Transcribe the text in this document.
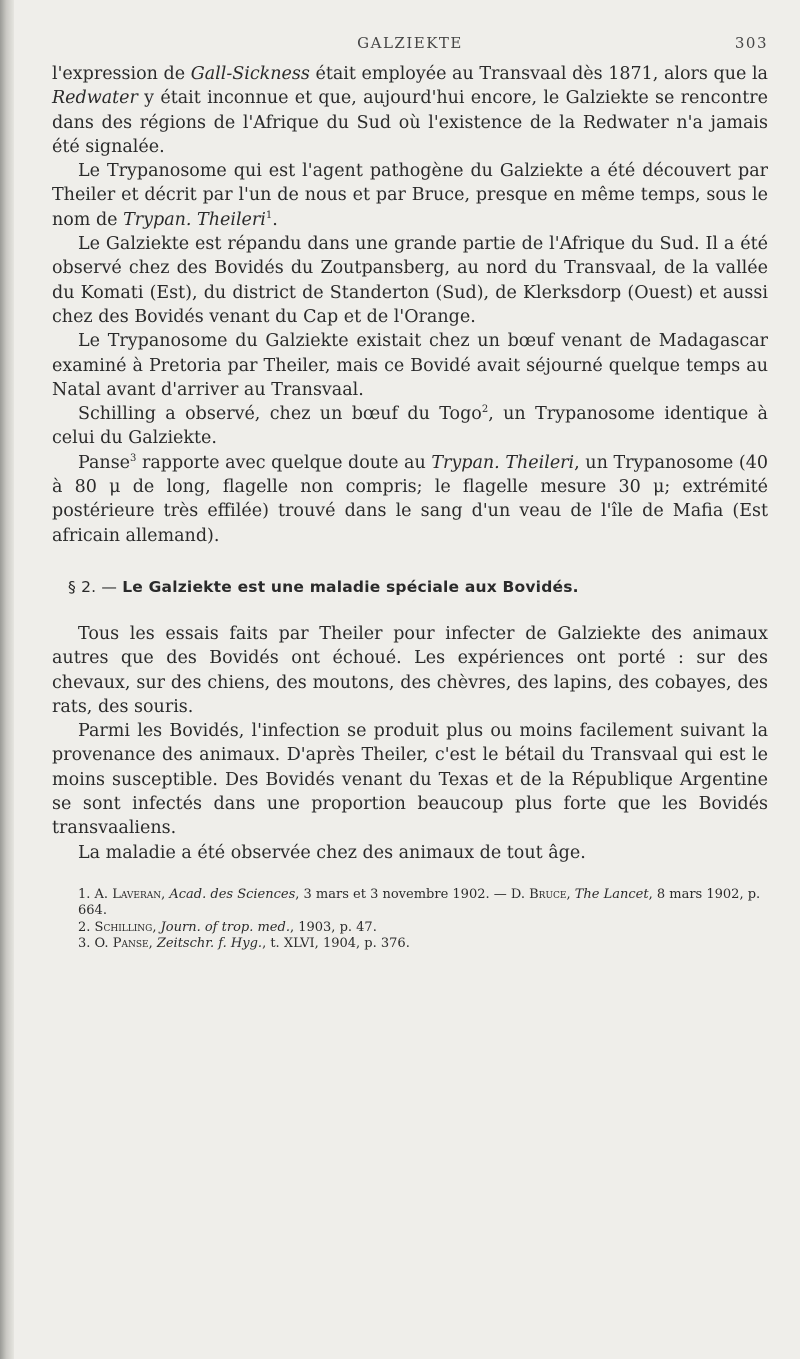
GALZIEKTE	303

l'expression de Gall-Sickness était employée au Transvaal dès 1871, alors que la Redwater y était inconnue et que, aujourd'hui encore, le Galziekte se rencontre dans des régions de l'Afrique du Sud où l'existence de la Redwater n'a jamais été signalée.

Le Trypanosome qui est l'agent pathogène du Galziekte a été découvert par Theiler et décrit par l'un de nous et par Bruce, presque en même temps, sous le nom de Trypan. Theileri$^1$.

Le Galziekte est répandu dans une grande partie de l'Afrique du Sud. Il a été observé chez des Bovidés du Zoutpansberg, au nord du Transvaal, de la vallée du Komati (Est), du district de Standerton (Sud), de Klerksdorp (Ouest) et aussi chez des Bovidés venant du Cap et de l'Orange.

Le Trypanosome du Galziekte existait chez un bœuf venant de Madagascar examiné à Pretoria par Theiler, mais ce Bovidé avait séjourné quelque temps au Natal avant d'arriver au Transvaal.

Schilling a observé, chez un bœuf du Togo$^2$, un Trypanosome identique à celui du Galziekte.

Panse$^3$ rapporte avec quelque doute au Trypan. Theileri, un Trypanosome (40 à 80 μ de long, flagelle non compris; le flagelle mesure 30 μ; extrémité postérieure très effilée) trouvé dans le sang d'un veau de l'île de Mafia (Est africain allemand).

§ 2. — Le Galziekte est une maladie spéciale aux Bovidés.

Tous les essais faits par Theiler pour infecter de Galziekte des animaux autres que des Bovidés ont échoué. Les expériences ont porté : sur des chevaux, sur des chiens, des moutons, des chèvres, des lapins, des cobayes, des rats, des souris.

Parmi les Bovidés, l'infection se produit plus ou moins facilement suivant la provenance des animaux. D'après Theiler, c'est le bétail du Transvaal qui est le moins susceptible. Des Bovidés venant du Texas et de la République Argentine se sont infectés dans une proportion beaucoup plus forte que les Bovidés transvaaliens.

La maladie a été observée chez des animaux de tout âge.

1. A. Laveran, Acad. des Sciences, 3 mars et 3 novembre 1902. — D. Bruce, The Lancet, 8 mars 1902, p. 664.
2. Schilling, Journ. of trop. med., 1903, p. 47.
3. O. Panse, Zeitschr. f. Hyg., t. XLVI, 1904, p. 376.
